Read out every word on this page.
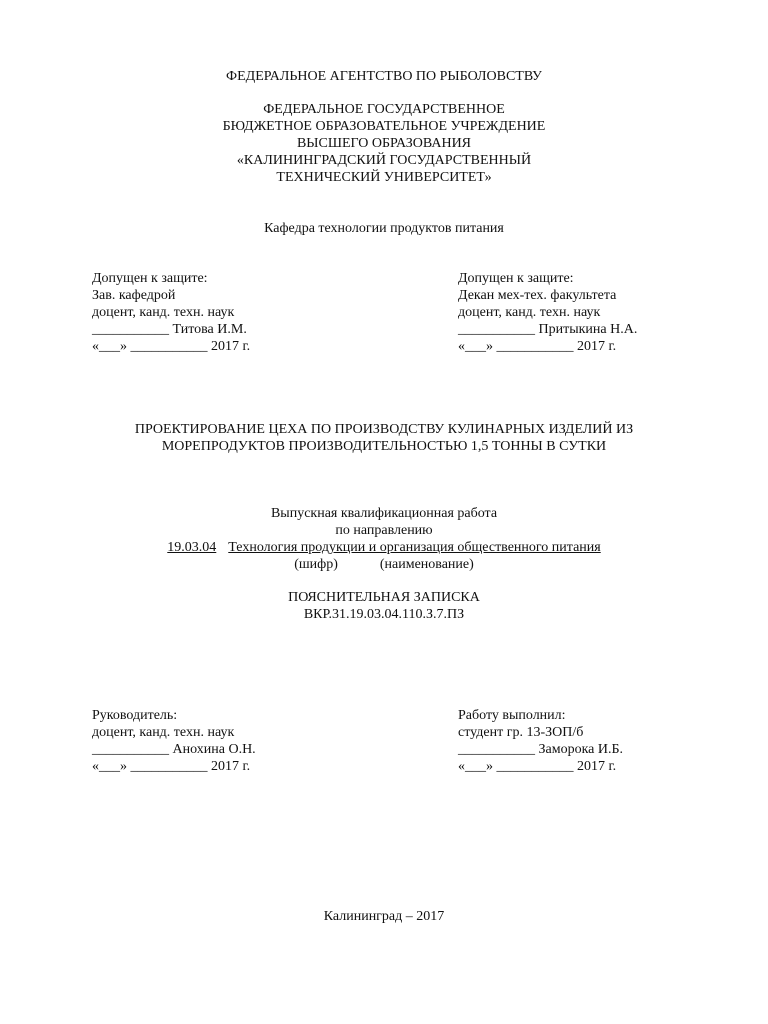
ФЕДЕРАЛЬНОЕ АГЕНТСТВО ПО РЫБОЛОВСТВУ
ФЕДЕРАЛЬНОЕ ГОСУДАРСТВЕННОЕ
БЮДЖЕТНОЕ ОБРАЗОВАТЕЛЬНОЕ УЧРЕЖДЕНИЕ
ВЫСШЕГО ОБРАЗОВАНИЯ
«КАЛИНИНГРАДСКИЙ ГОСУДАРСТВЕННЫЙ
ТЕХНИЧЕСКИЙ УНИВЕРСИТЕТ»
Кафедра технологии продуктов питания
Допущен к защите:
Зав. кафедрой
доцент, канд. техн. наук
___________ Титова И.М.
«___» ___________ 2017 г.
Допущен к защите:
Декан мех-тех. факультета
доцент, канд. техн. наук
___________ Притыкина Н.А.
«___» ___________ 2017 г.
ПРОЕКТИРОВАНИЕ ЦЕХА ПО ПРОИЗВОДСТВУ КУЛИНАРНЫХ ИЗДЕЛИЙ ИЗ
МОРЕПРОДУКТОВ ПРОИЗВОДИТЕЛЬНОСТЬЮ 1,5 ТОННЫ В СУТКИ
Выпускная квалификационная работа
по направлению
19.03.04 Технология продукции и организация общественного питания
(шифр)	(наименование)
ПОЯСНИТЕЛЬНАЯ ЗАПИСКА
ВКР.31.19.03.04.110.З.7.ПЗ
Руководитель:
доцент, канд. техн. наук
___________ Анохина О.Н.
«___» ___________ 2017 г.
Работу выполнил:
студент гр. 13-ЗОП/б
___________ Заморока И.Б.
«___» ___________ 2017 г.
Калининград – 2017
